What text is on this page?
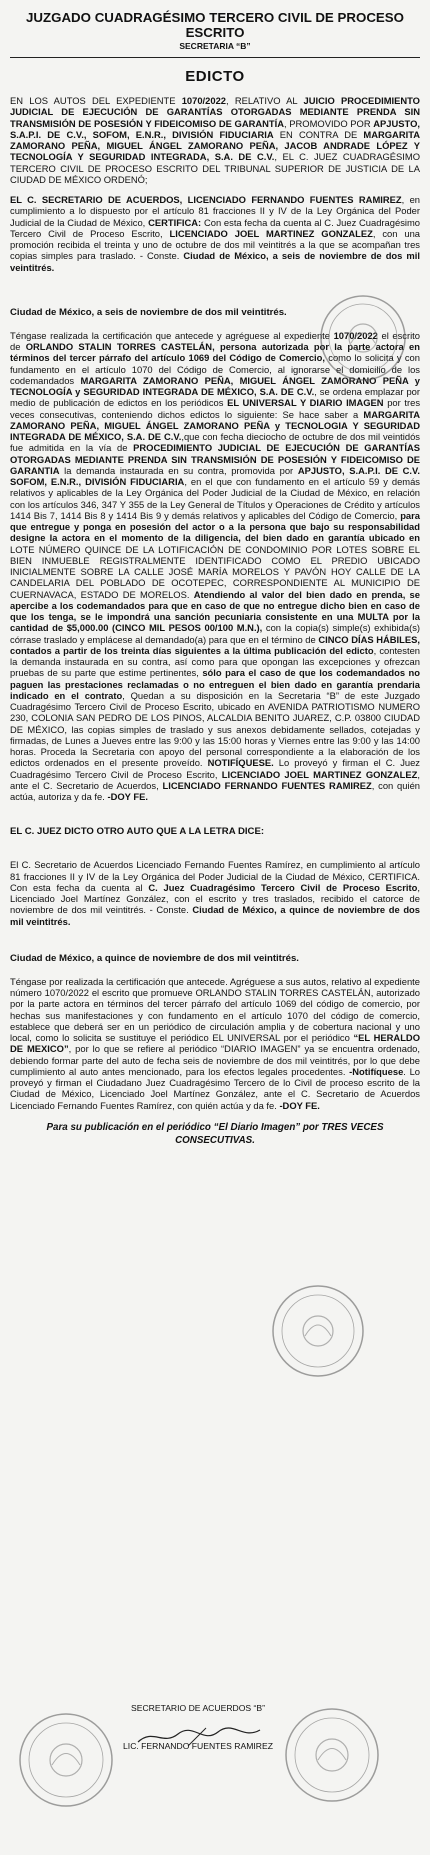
JUZGADO CUADRAGÉSIMO TERCERO CIVIL DE PROCESO ESCRITO

SECRETARIA “B”

EDICTO

EN LOS AUTOS DEL EXPEDIENTE 1070/2022, RELATIVO AL JUICIO PROCEDIMIENTO JUDICIAL DE EJECUCIÓN DE GARANTÍAS OTORGADAS MEDIANTE PRENDA SIN TRANSMISIÓN DE POSESIÓN Y FIDEICOMISO DE GARANTÍA, PROMOVIDO POR APJUSTO, S.A.P.I. DE C.V., SOFOM, E.N.R., DIVISIÓN FIDUCIARIA EN CONTRA DE MARGARITA ZAMORANO PEÑA, MIGUEL ÁNGEL ZAMORANO PEÑA, JACOB ANDRADE LÓPEZ Y TECNOLOGÍA Y SEGURIDAD INTEGRADA, S.A. DE C.V., EL C. JUEZ CUADRAGÉSIMO TERCERO CIVIL DE PROCESO ESCRITO DEL TRIBUNAL SUPERIOR DE JUSTICIA DE LA CIUDAD DE MÉXICO ORDENÓ;

EL C. SECRETARIO DE ACUERDOS, LICENCIADO FERNANDO FUENTES RAMIREZ, en cumplimiento a lo dispuesto por el artículo 81 fracciones II y IV de la Ley Orgánica del Poder Judicial de la Ciudad de México, CERTIFICA: Con esta fecha da cuenta al C. Juez Cuadragésimo Tercero Civil de Proceso Escrito, LICENCIADO JOEL MARTINEZ GONZALEZ, con una promoción recibida el treinta y uno de octubre de dos mil veintitrés a la que se acompañan tres copias simples para traslado. - Conste. Ciudad de México, a seis de noviembre de dos mil veintitrés.

Ciudad de México, a seis de noviembre de dos mil veintitrés.

Téngase realizada la certificación que antecede y agréguese al expediente 1070/2022 el escrito de ORLANDO STALIN TORRES CASTELÁN, persona autorizada por la parte actora en términos del tercer párrafo del artículo 1069 del Código de Comercio, como lo solicita y con fundamento en el artículo 1070 del Código de Comercio, al ignorarse el domicilio de los codemandados MARGARITA ZAMORANO PEÑA, MIGUEL ÁNGEL ZAMORANO PEÑA y TECNOLOGÍA y SEGURIDAD INTEGRADA DE MÉXICO, S.A. DE C.V., se ordena emplazar por medio de publicación de edictos en los periódicos EL UNIVERSAL Y DIARIO IMAGEN por tres veces consecutivas, conteniendo dichos edictos lo siguiente: Se hace saber a MARGARITA ZAMORANO PEÑA, MIGUEL ÁNGEL ZAMORANO PEÑA y TECNOLOGIA Y SEGURIDAD INTEGRADA DE MÉXICO, S.A. DE C.V.,que con fecha dieciocho de octubre de dos mil veintidós fue admitida en la vía de PROCEDIMIENTO JUDICIAL DE EJECUCIÓN DE GARANTÍAS OTORGADAS MEDIANTE PRENDA SIN TRANSMISIÓN DE POSESIÓN Y FIDEICOMISO DE GARANTIA la demanda instaurada en su contra, promovida por APJUSTO, S.A.P.I. DE C.V. SOFOM, E.N.R., DIVISIÓN FIDUCIARIA, en el que con fundamento en el artículo 59 y demás relativos y aplicables de la Ley Orgánica del Poder Judicial de la Ciudad de México, en relación con los artículos 346, 347 Y 355 de la Ley General de Títulos y Operaciones de Crédito y artículos 1414 Bis 7, 1414 Bis 8 y 1414 Bis 9 y demás relativos y aplicables del Código de Comercio, para que entregue y ponga en posesión del actor o a la persona que bajo su responsabilidad designe la actora en el momento de la diligencia, del bien dado en garantía ubicado en LOTE NÚMERO QUINCE DE LA LOTIFICACIÓN DE CONDOMINIO POR LOTES SOBRE EL BIEN INMUEBLE REGISTRALMENTE IDENTIFICADO COMO EL PREDIO UBICADO INICIALMENTE SOBRE LA CALLE JOSÉ MARÍA MORELOS Y PAVÓN HOY CALLE DE LA CANDELARIA DEL POBLADO DE OCOTEPEC, CORRESPONDIENTE AL MUNICIPIO DE CUERNAVACA, ESTADO DE MORELOS. Atendiendo al valor del bien dado en prenda, se apercibe a los codemandados para que en caso de que no entregue dicho bien en caso de que los tenga, se le impondrá una sanción pecuniaria consistente en una MULTA por la cantidad de $5,000.00 (CINCO MIL PESOS 00/100 M.N.), con la copia(s) simple(s) exhibida(s) córrase traslado y emplácese al demandado(a) para que en el término de CINCO DÍAS HÁBILES, contados a partir de los treinta días siguientes a la última publicación del edicto, contesten la demanda instaurada en su contra, así como para que opongan las excepciones y ofrezcan pruebas de su parte que estime pertinentes, sólo para el caso de que los codemandados no paguen las prestaciones reclamadas o no entreguen el bien dado en garantía prendaria indicado en el contrato, Quedan a su disposición en la Secretaria “B” de este Juzgado Cuadragésimo Tercero Civil de Proceso Escrito, ubicado en AVENIDA PATRIOTISMO NUMERO 230, COLONIA SAN PEDRO DE LOS PINOS, ALCALDIA BENITO JUAREZ, C.P. 03800 CIUDAD DE MÉXICO, las copias simples de traslado y sus anexos debidamente sellados, cotejadas y firmadas, de Lunes a Jueves entre las 9:00 y las 15:00 horas y Viernes entre las 9:00 y las 14:00 horas. Proceda la Secretaria con apoyo del personal correspondiente a la elaboración de los edictos ordenados en el presente proveído. NOTIFÍQUESE. Lo proveyó y firman el C. Juez Cuadragésimo Tercero Civil de Proceso Escrito, LICENCIADO JOEL MARTINEZ GONZALEZ, ante el C. Secretario de Acuerdos, LICENCIADO FERNANDO FUENTES RAMIREZ, con quién actúa, autoriza y da fe. -DOY FE.

EL C. JUEZ DICTO OTRO AUTO QUE A LA LETRA DICE:

El C. Secretario de Acuerdos Licenciado Fernando Fuentes Ramírez, en cumplimiento al artículo 81 fracciones II y IV de la Ley Orgánica del Poder Judicial de la Ciudad de México, CERTIFICA. Con esta fecha da cuenta al C. Juez Cuadragésimo Tercero Civil de Proceso Escrito, Licenciado Joel Martínez González, con el escrito y tres traslados, recibido el catorce de noviembre de dos mil veintitrés. - Conste. Ciudad de México, a quince de noviembre de dos mil veintitrés.

Ciudad de México, a quince de noviembre de dos mil veintitrés.

Téngase por realizada la certificación que antecede. Agréguese a sus autos, relativo al expediente número 1070/2022 el escrito que promueve ORLANDO STALIN TORRES CASTELÁN, autorizado por la parte actora en términos del tercer párrafo del artículo 1069 del código de comercio, por hechas sus manifestaciones y con fundamento en el artículo 1070 del código de comercio, establece que deberá ser en un periódico de circulación amplia y de cobertura nacional y uno local, como lo solicita se sustituye el periódico EL UNIVERSAL por el periódico “EL HERALDO DE MEXICO”, por lo que se refiere al periódico “DIARIO IMAGEN” ya se encuentra ordenado, debiendo formar parte del auto de fecha seis de noviembre de dos mil veintitrés, por lo que debe cumplimiento al auto antes mencionado, para los efectos legales procedentes. -Notifíquese. Lo proveyó y firman el Ciudadano Juez Cuadragésimo Tercero de lo Civil de proceso escrito de la Ciudad de México, Licenciado Joel Martínez González, ante el C. Secretario de Acuerdos Licenciado Fernando Fuentes Ramírez, con quién actúa y da fe. -DOY FE.

Para su publicación en el periódico “El Diario Imagen” por TRES VECES CONSECUTIVAS.

SECRETARIO DE ACUERDOS “B”

LIC. FERNANDO FUENTES RAMIREZ
